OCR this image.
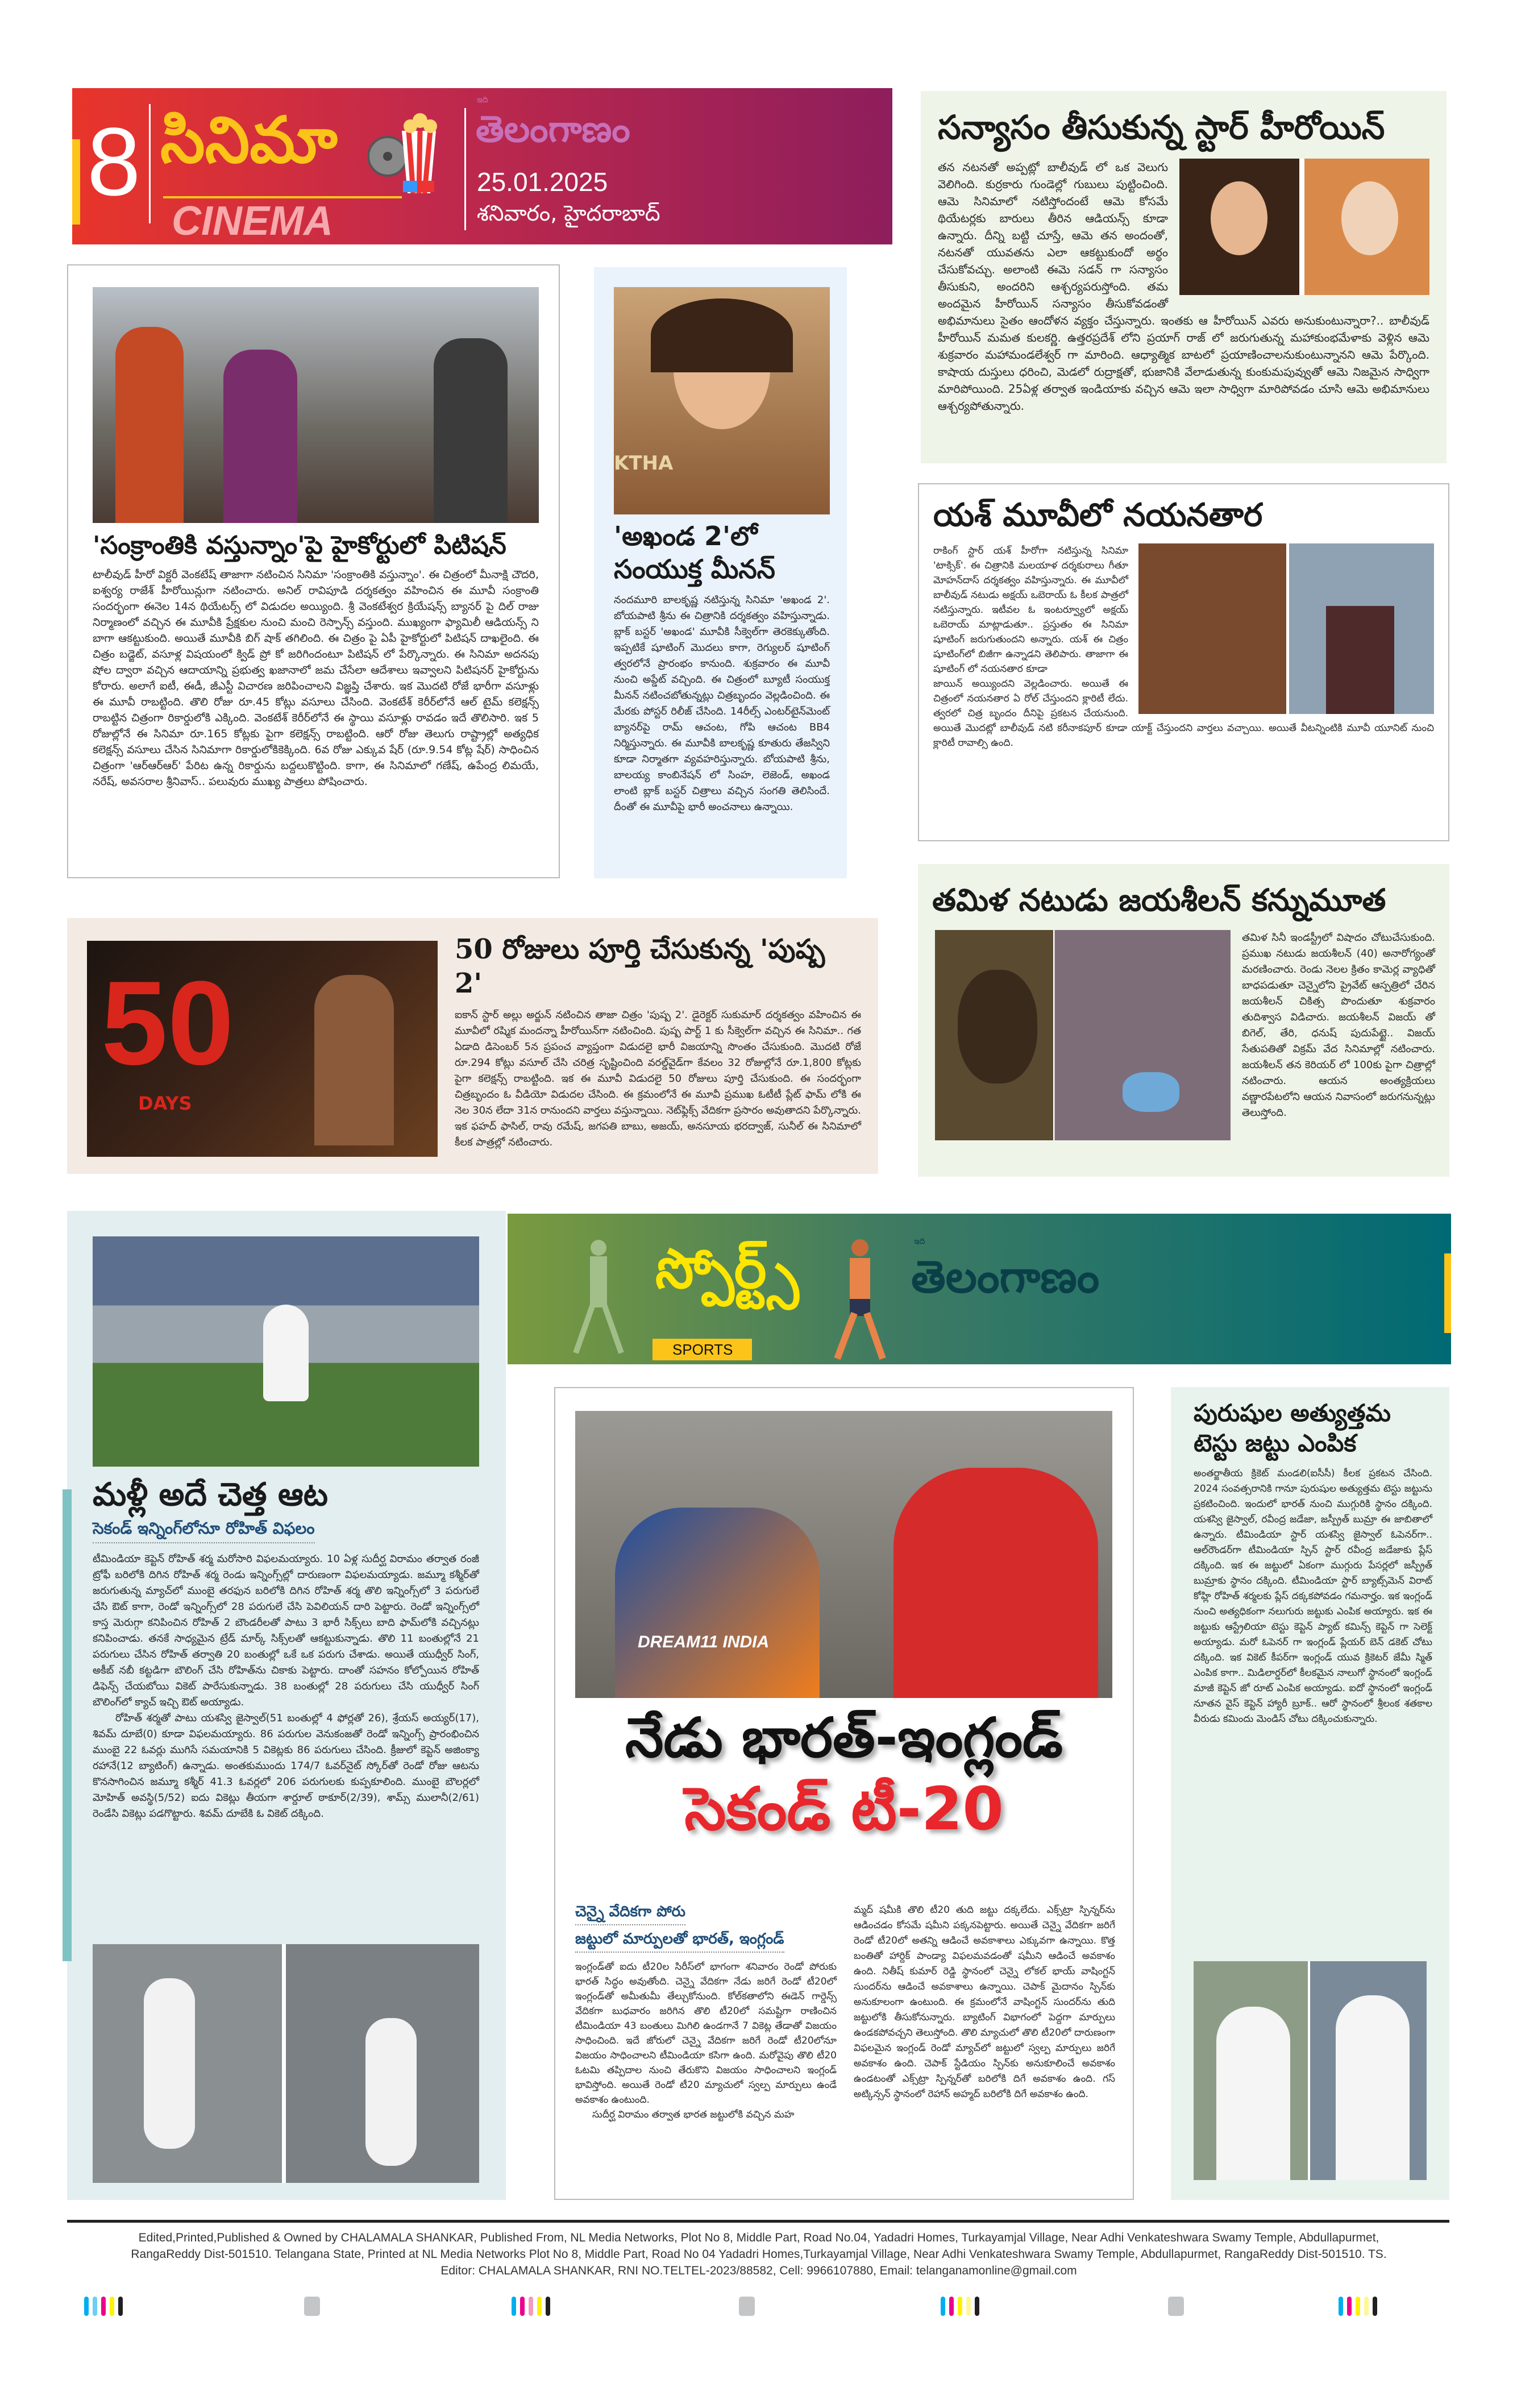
8 సినిమా
CINEMA
ఇది
తెలంగాణం
25.01.2025
శనివారం, హైదరాబాద్
సన్యాసం తీసుకున్న స్టార్ హీరోయిన్
తన నటనతో అప్పట్లో బాలీవుడ్ లో ఒక వెలుగు వెలిగింది. కుర్రకారు గుండెల్లో గుబులు పుట్టించింది. ఆమె సినిమాలో నటిస్తోందంటే ఆమె కోసమే థియేటర్లకు బారులు తీరిన ఆడియన్స్ కూడా ఉన్నారు. దీన్ని బట్టి చూస్తే, ఆమె తన అందంతో, నటనతో యువతను ఎలా ఆకట్టుకుందో అర్థం చేసుకోవచ్చు. అలాంటి ఈమె సడన్ గా సన్యాసం తీసుకుని, అందరిని ఆశ్చర్యపరుస్తోంది. తమ అందమైన హీరోయిన్ సన్యాసం తీసుకోవడంతో అభిమానులు సైతం ఆందోళన వ్యక్తం చేస్తున్నారు. ఇంతకు ఆ హీరోయిన్ ఎవరు అనుకుంటున్నారా?.. బాలీవుడ్ హీరోయిన్ మమత కులకర్ణి. ఉత్తరప్రదేశ్ లోని ప్రయాగ్ రాజ్ లో జరుగుతున్న మహాకుంభమేళాకు వెళ్లిన ఆమె శుక్రవారం మహామండలేశ్వర్ గా మారింది. ఆధ్యాత్మిక బాటలో ప్రయాణించాలనుకుంటున్నానని ఆమె పేర్కొంది. కాషాయ దుస్తులు ధరించి, మెడలో రుద్రాక్షతో, భుజానికి వేలాడుతున్న కుంకుమపువ్వుతో ఆమె నిజమైన సాధ్విగా మారిపోయింది. 25ఏళ్ల తర్వాత ఇండియాకు వచ్చిన ఆమె ఇలా సాధ్విగా మారిపోవడం చూసి ఆమె అభిమానులు ఆశ్చర్యపోతున్నారు.
'సంక్రాంతికి వస్తున్నాం'పై హైకోర్టులో పిటిషన్
టాలీవుడ్ హీరో విక్టరీ వెంకటేష్ తాజాగా నటించిన సినిమా 'సంక్రాంతికి వస్తున్నాం'. ఈ చిత్రంలో మీనాక్షి చౌదరి, ఐశ్వర్య రాజేశ్ హీరోయిన్లుగా నటించారు. అనిల్ రావిపూడి దర్శకత్వం వహించిన ఈ మూవీ సంక్రాంతి సందర్భంగా ఈనెల 14న థియేటర్స్ లో విడుదల అయ్యింది. శ్రీ వెంకటేశ్వర క్రియేషన్స్ బ్యానర్ పై దిల్ రాజు నిర్మాణంలో వచ్చిన ఈ మూవీకి ప్రేక్షకుల నుంచి మంచి రెస్పాన్స్ వస్తుంది. ముఖ్యంగా ఫ్యామిలీ ఆడియన్స్ ని బాగా ఆకట్టుకుంది. అయితే మూవీకి బిగ్ షాక్ తగిలింది. ఈ చిత్రం పై ఏపీ హైకోర్టులో పిటిషన్ దాఖలైంది. ఈ చిత్రం బడ్జెట్, వసూళ్ల విషయంలో క్విడ్ ప్రో కో జరిగిందంటూ పిటిషన్ లో పేర్కొన్నారు. ఈ సినిమా అదనపు షోల ద్వారా వచ్చిన ఆదాయాన్ని ప్రభుత్వ ఖజానాలో జమ చేసేలా ఆదేశాలు ఇవ్వాలని పిటిషనర్ హైకోర్టును కోరారు. అలాగే ఐటీ, ఈడీ, జీఎస్టీ విచారణ జరిపించాలని విజ్ఞప్తి చేశారు. ఇక మొదటి రోజే భారీగా వసూళ్లు ఈ మూవీ రాబట్టింది. తొలి రోజు రూ.45 కోట్లు వసూలు చేసింది. వెంకటేశ్ కెరీర్‌లోనే ఆల్ టైమ్ కలెక్షన్స్ రాబట్టిన చిత్రంగా రికార్డులోకి ఎక్కింది. వెంకటేశ్ కెరీర్‌లోనే ఈ స్థాయి వసూళ్లు రావడం ఇదే తొలిసారి. ఇక 5 రోజుల్లోనే ఈ సినిమా రూ.165 కోట్లకు పైగా కలెక్షన్స్ రాబట్టింది. ఆరో రోజు తెలుగు రాష్ట్రాల్లో అత్యధిక కలెక్షన్స్ వసూలు చేసిన సినిమాగా రికార్డులోకికెక్కింది. 6వ రోజు ఎక్కువ షేర్ (రూ.9.54 కోట్ల షేర్) సాధించిన చిత్రంగా 'ఆర్ఆర్ఆర్' పేరిట ఉన్న రికార్డును బద్దలుకొట్టింది. కాగా, ఈ సినిమాలో గణేష్, ఉపేంద్ర లిమయే, నరేష్, అవసరాల శ్రీనివాస్.. పలువురు ముఖ్య పాత్రలు పోషించారు.
KTHA
'అఖండ 2'లో
సంయుక్త మీనన్
నందమూరి బాలకృష్ణ నటిస్తున్న సినిమా 'అఖండ 2'. బోయపాటి శ్రీను ఈ చిత్రానికి దర్శకత్వం వహిస్తున్నాడు. బ్లాక్ బస్టర్ 'అఖండ' మూవీకి సీక్వెల్‌గా తెరకెక్కుతోంది. ఇప్పటికే షూటింగ్ మొదలు కాగా, రెగ్యులర్ షూటింగ్ త్వరలోనే ప్రారంభం కానుంది. శుక్రవారం ఈ మూవీ నుంచి అప్డేట్ వచ్చింది. ఈ చిత్రంలో బ్యూటీ సంయుక్త మీనన్ నటించబోతున్నట్లు చిత్రబృందం వెల్లడించింది. ఈ మేరకు పోస్టర్ రిలీజ్ చేసింది. 14రీల్స్ ఎంటర్‌టైన్‌మెంట్ బ్యానర్‌పై రామ్ ఆచంట, గోపి ఆచంట BB4 నిర్మిస్తున్నారు. ఈ మూవీకి బాలకృష్ణ కూతురు తేజస్విని కూడా నిర్మాతగా వ్యవహరిస్తున్నారు. బోయపాటి శ్రీను, బాలయ్య కాంబినేషన్ లో సింహ, లెజెండ్, అఖండ లాంటి బ్లాక్ బస్టర్ చిత్రాలు వచ్చిన సంగతి తెలిసిందే. దీంతో ఈ మూవీపై భారీ అంచనాలు ఉన్నాయి.
యశ్ మూవీలో నయనతార
రాకింగ్ స్టార్ యశ్ హీరోగా నటిస్తున్న సినిమా 'టాక్సిక్'. ఈ చిత్రానికి మలయాళ దర్శకురాలు గీతూ మోహన్‌దాస్ దర్శకత్వం వహిస్తున్నారు. ఈ మూవీలో బాలీవుడ్ నటుడు అక్షయ్ ఒబెరాయ్ ఓ కీలక పాత్రలో నటిస్తున్నారు. ఇటీవల ఓ ఇంటర్వ్యూలో అక్షయ్ ఒబెరాయ్ మాట్లాడుతూ.. ప్రస్తుతం ఈ సినిమా షూటింగ్ జరుగుతుందని అన్నారు. యశ్ ఈ చిత్రం షూటింగ్‌లో బిజీగా ఉన్నాడని తెలిపారు. తాజాగా ఈ షూటింగ్ లో నయనతార కూడా
జాయిన్ అయ్యిందని వెల్లడించారు. అయితే ఈ చిత్రంలో నయనతార ఏ రోల్ చేస్తుందని క్లారిటీ లేదు. త్వరలో చిత్ర బృందం దీనిపై ప్రకటన చేయనుంది. అయితే మొదట్లో బాలీవుడ్ నటి కరీనాకపూర్ కూడా యాక్ట్ చేస్తుందని వార్తలు వచ్చాయి. అయితే వీటన్నింటికి మూవీ యూనిట్ నుంచి క్లారిటీ రావాల్సి ఉంది.
50
DAYS
50 రోజులు పూర్తి చేసుకున్న 'పుష్ప 2'
ఐకాన్ స్టార్ అల్లు అర్జున్ నటించిన తాజా చిత్రం 'పుష్ప 2'. డైరెక్టర్ సుకుమార్ దర్శకత్వం వహించిన ఈ మూవీలో రష్మిక మందన్నా హీరోయిన్‌గా నటించింది. పుష్ప పార్ట్ 1 కు సీక్వెల్‌గా వచ్చిన ఈ సినిమా.. గత ఏడాది డిసెంబర్ 5న ప్రపంచ వ్యాప్తంగా విడుదలై భారీ విజయాన్ని సొంతం చేసుకుంది. మొదటి రోజే రూ.294 కోట్లు వసూల్ చేసి చరిత్ర సృష్టించింది వరల్డ్‌వైడ్‌గా కేవలం 32 రోజుల్లోనే రూ.1,800 కోట్లకు పైగా కలెక్షన్స్ రాబట్టింది. ఇక ఈ మూవీ విడుదలై 50 రోజులు పూర్తి చేసుకుంది. ఈ సందర్భంగా చిత్రబృందం ఓ వీడియో విడుదల చేసింది. ఈ క్రమంలోనే ఈ మూవీ ప్రముఖ ఓటీటీ ప్లేట్ ఫామ్ లోకి ఈ నెల 30న లేదా 31న రానుందని వార్తలు వస్తున్నాయి. నెట్‌ఫ్లిక్స్ వేదికగా ప్రసారం అవుతాదని పేర్కొన్నారు. ఇక ఫహద్ ఫాసిల్, రావు రమేష్, జగపతి బాబు, అజయ్, అనసూయ భరద్వాజ్, సునీల్ ఈ సినిమాలో కీలక పాత్రల్లో నటించారు.
తమిళ నటుడు జయశీలన్ కన్నుమూత
తమిళ సినీ ఇండస్ట్రీలో విషాదం చోటుచేసుకుంది. ప్రముఖ నటుడు జయశీలన్ (40) అనారోగ్యంతో మరణించారు. రెండు నెలల క్రితం కామెర్ల వ్యాధితో బాధపడుతూ చెన్నైలోని ప్రైవేట్ ఆస్పత్రిలో చేరిన జయశీలన్ చికిత్స పొందుతూ శుక్రవారం తుదిశ్వాస విడిచారు. జయశీలన్ విజయ్ తో బిగెల్, తేరి, ధనుష్ పుదుపేట్టై.. విజయ్ సేతుపతితో విక్రమ్ వేద సినిమాల్లో నటించారు. జయశీలన్ తన కెరియర్ లో 100కు పైగా చిత్రాల్లో నటించారు. ఆయన అంత్యక్రియలు వణ్ణారపేటలోని ఆయన నివాసంలో జరుగనున్నట్లు తెలుస్తోంది.
స్పోర్ట్స్
SPORTS
ఇది
తెలంగాణం
మళ్లీ అదే చెత్త ఆట
సెకండ్ ఇన్నింగ్‌లోనూ రోహిత్ విఫలం

టీమిండియా కెప్టెన్ రోహిత్ శర్మ మరోసారి విఫలమయ్యారు. 10 ఏళ్ల సుదీర్ఘ విరామం తర్వాత రంజీ ట్రోఫీ బరిలోకి దిగిన రోహిత్ శర్మ రెండు ఇన్నింగ్స్‌ల్లో దారుణంగా విఫలమయ్యాడు. జమ్మూ కశ్మీర్‌తో జరుగుతున్న మ్యాచ్‌లో ముంబై తరఫున బరిలోకి దిగిన రోహిత్ శర్మ తొలి ఇన్నింగ్స్‌లో 3 పరుగులే చేసి ఔట్ కాగా, రెండో ఇన్నింగ్స్‌లో 28 పరుగులే చేసి పెవిలియన్ దారి పెట్టారు. రెండో ఇన్నింగ్స్‌లో కాస్త మెరుగ్గా కనిపించిన రోహిత్ 2 బౌండరీలతో పాటు 3 భారీ సిక్స్‌లు బాది ఫామ్‌లోకి వచ్చినట్లు కనిపించాడు. తనకే సాధ్యమైన ట్రేడ్ మార్క్ సిక్స్‌లతో ఆకట్టుకున్నాడు. తొలి 11 బంతుల్లోనే 21 పరుగులు చేసిన రోహిత్ తర్వాతి 20 బంతుల్లో ఒకే ఒక పరుగు చేశాడు. అయితే యుధ్వీర్ సింగ్, అకీబ్ నబీ కట్టడిగా బౌలింగ్ చేసి రోహిత్‌ను చికాకు పెట్టారు. దాంతో సహనం కోల్పోయిన రోహిత్ డిఫెన్స్ చేయబోయి వికెట్ పారేసుకున్నాడు. 38 బంతుల్లో 28 పరుగులు చేసి యుధ్వీర్ సింగ్ బౌలింగ్‌లో క్యాచ్ ఇచ్చి ఔట్ అయ్యాడు.

రోహిత్ శర్మతో పాటు యశస్వి జైస్వాల్(51 బంతుల్లో 4 ఫోర్లతో 26), శ్రేయస్ అయ్యర్(17), శివమ్ దూబే(0) కూడా విఫలమయ్యారు. 86 పరుగుల వెనుకంజతో రెండో ఇన్నింగ్స్ ప్రారంభించిన ముంబై 22 ఓవర్లు ముగిసే సమయానికి 5 వికెట్లకు 86 పరుగులు చేసింది. క్రీజులో కెప్టెన్ అజింక్యా రహానే(12 బ్యాటింగ్) ఉన్నాడు. అంతకుముందు 174/7 ఓవర్‌నైట్ స్కోర్‌తో రెండో రోజు ఆటను కొనసాగించిన జమ్మూ కశ్మీర్ 41.3 ఓవర్లలో 206 పరుగులకు కుప్పకూలింది. ముంబై బౌలర్లలో మోహిత్ అవస్థి(5/52) ఐదు వికెట్లు తీయగా శార్దూల్ ఠాకూర్(2/39), శామ్స్ ములానీ(2/61) రెండేసి వికెట్లు పడగొట్టారు. శివమ్ దూబేకి ఓ వికెట్ దక్కింది.

DREAM11 INDIA
నేడు భారత్-ఇంగ్లండ్
సెకండ్ టీ-20
చెన్నై వేదికగా పోరు
జట్టులో మార్పులతో భారత్, ఇంగ్లండ్

ఇంగ్లండ్‌తో ఐదు టీ20ల సిరీస్‌లో భాగంగా శనివారం రెండో పోరుకు భారత్ సిద్ధం అవుతోంది. చెన్నై వేదికగా నేడు జరిగే రెండో టీ20లో ఇంగ్లండ్‌తో అమీతుమీ తేల్చుకోనుంది. కోల్‌కతాలోని ఈడెన్ గార్డెన్స్ వేదికగా బుధవారం జరిగిన తొలి టీ20లో సమష్టిగా రాణించిన టీమిండియా 43 బంతులు మిగిలి ఉండగానే 7 వికెట్ల తేడాతో విజయం సాధించింది. ఇదే జోరులో చెన్నై వేదికగా జరిగే రెండో టీ20లోనూ విజయం సాధించాలని టీమిండియా కసిగా ఉంది. మరోవైపు తొలి టీ20 ఓటమి తప్పిదాల నుంచి తేరుకొని విజయం సాధించాలని ఇంగ్లండ్ భావిస్తోంది. అయితే రెండో టీ20 మ్యాచులో స్వల్ప మార్పులు ఉండే అవకాశం ఉంటుంది.

సుదీర్ఘ విరామం తర్వాత భారత జట్టులోకి వచ్చిన మహ

మ్మద్ షమీకి తొలి టీ20 తుది జట్టు దక్కలేదు. ఎక్స్‌ట్రా స్పిన్నర్‌ను ఆడించడం కోసమే షమీని పక్కనపెట్టారు. అయితే చెన్నై వేదికగా జరిగే రెండో టీ20లో అతన్ని ఆడించే అవకాశాలు ఎక్కువగా ఉన్నాయి. కొత్త బంతితో హార్దిక్ పాండ్యా విఫలమవడంతో షమీని ఆడించే అవకాశం ఉంది. నితీష్ కుమార్ రెడ్డి స్థానంలో చెన్నై లోకల్ భాయ్ వాషింగ్టన్ సుందర్‌ను ఆడించే అవకాశాలు ఉన్నాయి. చెపాక్ మైదానం స్పిన్‌కు అనుకూలంగా ఉంటుంది. ఈ క్రమంలోనే వాషింగ్టన్ సుందర్‌ను తుది జట్టులోకి తీసుకోనున్నారు. బ్యాటింగ్ విభాగంలో పెద్దగా మార్పులు ఉండకపోవచ్చని తెలుస్తోంది. తొలి మ్యాచులో తొలి టీ20లో దారుణంగా విఫలమైన ఇంగ్లండ్ రెండో మ్యాచ్‌లో జట్టులో స్వల్ప మార్పులు జరిగే అవకాశం ఉంది. చెపాక్ స్టేడియం స్పిన్‌కు అనుకూలించే అవకాశం ఉండటంతో ఎక్స్‌ట్రా స్పిన్నర్‌తో బరిలోకి దిగే అవకాశం ఉంది. గస్ అట్కిన్సన్ స్థానంలో రెహాన్ అహ్మద్ బరిలోకి దిగే అవకాశం ఉంది.
పురుషుల అత్యుత్తమ టెస్టు జట్టు ఎంపిక
అంతర్జాతీయ క్రికెట్ మండలి(ఐసీసీ) కీలక ప్రకటన చేసింది. 2024 సంవత్సరానికి గానూ పురుషుల అత్యుత్తమ టెస్టు జట్టును ప్రకటించింది. ఇందులో భారత్ నుంచి ముగ్గురికి స్థానం దక్కింది. యశస్వి జైస్వాల్, రవీంద్ర జడేజా, జస్ప్రీత్ బుమ్రా ఈ జాబితాలో ఉన్నారు. టీమిండియా స్టార్ యశస్వి జైస్వాల్ ఓపెనర్‌గా.. ఆల్‌రౌండర్‌గా టీమిండియా స్పిన్ స్టార్ రవీంద్ర జడేజాకు ప్లేస్ దక్కింది. ఇక ఈ జట్టులో ఏకంగా ముగ్గురు పేసర్లలో జస్ప్రీత్ బుమ్రాకు స్థానం దక్కింది. టీమిండియా స్టార్ బ్యాట్స్‌మెన్ విరాట్ కోహ్లి రోహిత్ శర్మలకు ప్లేస్ దక్కకపోవడం గమనార్హం. ఇక ఇంగ్లండ్ నుంచి అత్యధికంగా నలుగురు జట్టుకు ఎంపిక అయ్యారు. ఇక ఈ జట్టుకు ఆస్ట్రేలియా టెస్టు కెప్టెన్ ప్యాట్ కమిన్స్ కెప్టెన్ గా సెలెక్ట్ అయ్యాడు. మరో ఓపెనర్ గా ఇంగ్లండ్ ప్లేయర్ బెన్ డకెట్ చోటు దక్కింది. ఇక వికెట్ కీపర్‌గా ఇంగ్లండ్ యువ క్రికెటర్ జేమీ స్మిత్ ఎంపిక కాగా.. మిడిలార్డర్‌లో కీలకమైన నాలుగో స్థానంలో ఇంగ్లండ్ మాజీ కెప్టెన్ జో రూట్ ఎంపిక అయ్యాడు. ఐదో స్థానంలో ఇంగ్లండ్ నూతన వైస్ కెప్టెన్ హ్యారీ బ్రూక్.. ఆరో స్థానంలో శ్రీలంక శతకాల వీరుడు కమిందు మెండిస్ చోటు దక్కించుకున్నారు.
Edited,Printed,Published & Owned by CHALAMALA SHANKAR, Published From, NL Media Networks, Plot No 8, Middle Part, Road No.04, Yadadri Homes, Turkayamjal Village, Near Adhi Venkateshwara Swamy Temple, Abdullapurmet, RangaReddy Dist-501510. Telangana State, Printed at NL Media Networks Plot No 8, Middle Part, Road No 04 Yadadri Homes,Turkayamjal Village, Near Adhi Venkateshwara Swamy Temple, Abdullapurmet, RangaReddy Dist-501510. TS. Editor: CHALAMALA SHANKAR, RNI NO.TELTEL-2023/88582, Cell: 9966107880, Email: telanganamonline@gmail.com
